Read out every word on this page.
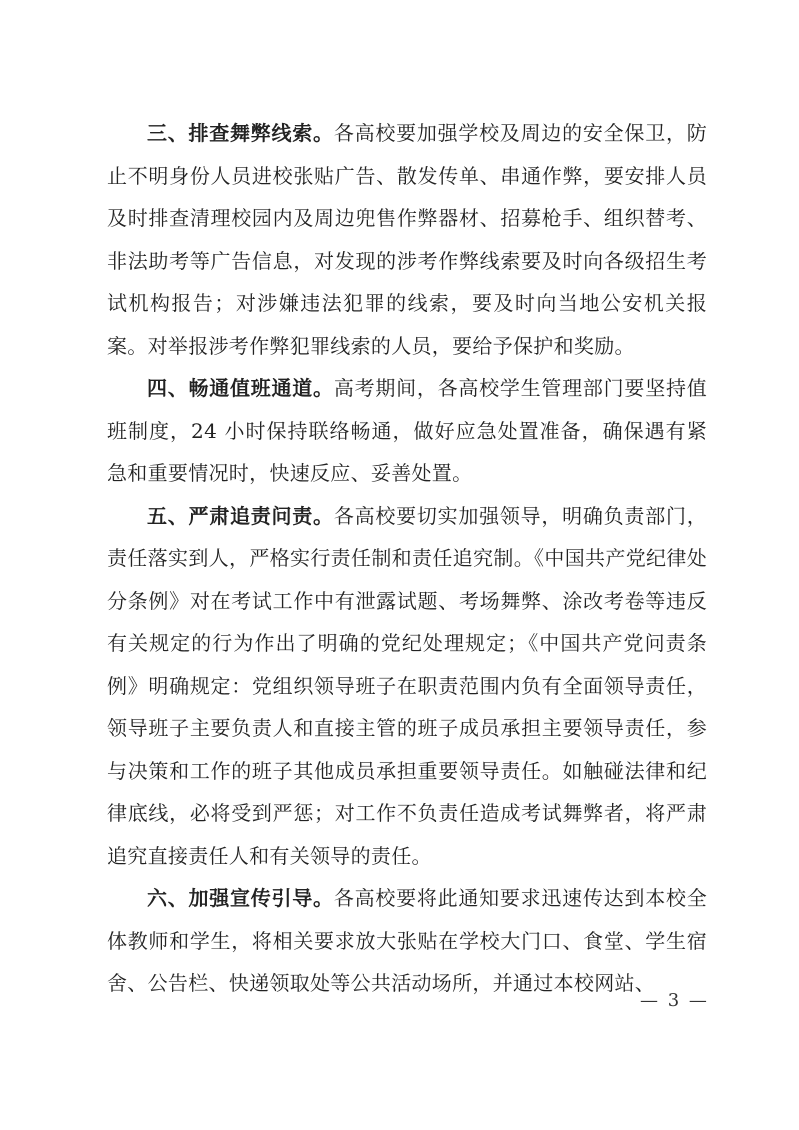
三、排查舞弊线索。各高校要加强学校及周边的安全保卫，防止不明身份人员进校张贴广告、散发传单、串通作弊，要安排人员及时排查清理校园内及周边兜售作弊器材、招募枪手、组织替考、非法助考等广告信息，对发现的涉考作弊线索要及时向各级招生考试机构报告；对涉嫌违法犯罪的线索，要及时向当地公安机关报案。对举报涉考作弊犯罪线索的人员，要给予保护和奖励。

四、畅通值班通道。高考期间，各高校学生管理部门要坚持值班制度，24 小时保持联络畅通，做好应急处置准备，确保遇有紧急和重要情况时，快速反应、妥善处置。

五、严肃追责问责。各高校要切实加强领导，明确负责部门，责任落实到人，严格实行责任制和责任追究制。《中国共产党纪律处分条例》对在考试工作中有泄露试题、考场舞弊、涂改考卷等违反有关规定的行为作出了明确的党纪处理规定；《中国共产党问责条例》明确规定：党组织领导班子在职责范围内负有全面领导责任，领导班子主要负责人和直接主管的班子成员承担主要领导责任，参与决策和工作的班子其他成员承担重要领导责任。如触碰法律和纪律底线，必将受到严惩；对工作不负责任造成考试舞弊者，将严肃追究直接责任人和有关领导的责任。

六、加强宣传引导。各高校要将此通知要求迅速传达到本校全体教师和学生，将相关要求放大张贴在学校大门口、食堂、学生宿舍、公告栏、快递领取处等公共活动场所，并通过本校网站、

— 3 —
